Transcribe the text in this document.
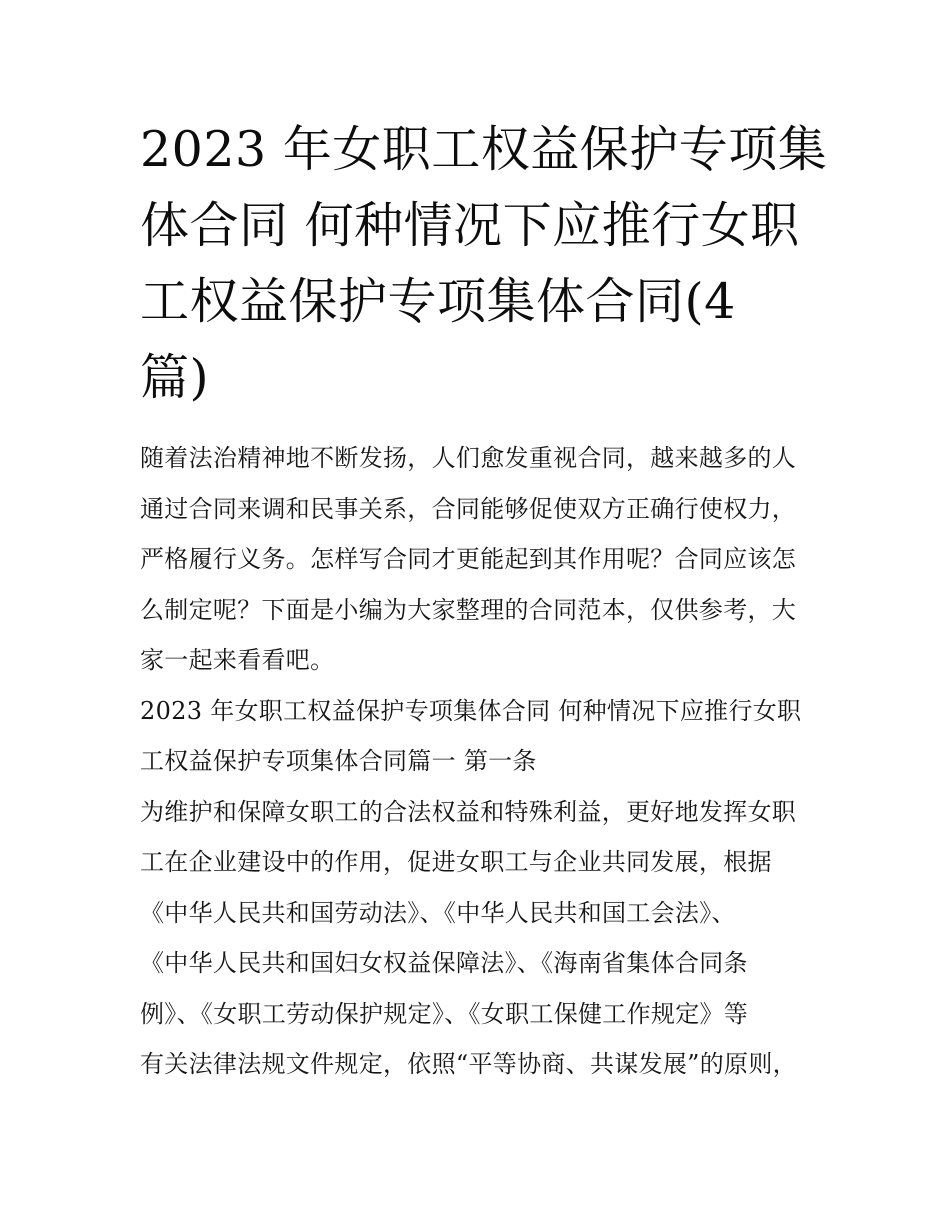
2023 年女职工权益保护专项集
体合同 何种情况下应推行女职
工权益保护专项集体合同(4
篇)

随着法治精神地不断发扬，人们愈发重视合同，越来越多的人
通过合同来调和民事关系，合同能够促使双方正确行使权力，
严格履行义务。怎样写合同才更能起到其作用呢？合同应该怎
么制定呢？下面是小编为大家整理的合同范本，仅供参考，大
家一起来看看吧。

2023 年女职工权益保护专项集体合同 何种情况下应推行女职
工权益保护专项集体合同篇一 第一条

为维护和保障女职工的合法权益和特殊利益，更好地发挥女职
工在企业建设中的作用，促进女职工与企业共同发展，根据
《中华人民共和国劳动法》、《中华人民共和国工会法》、
《中华人民共和国妇女权益保障法》、《海南省集体合同条
例》、《女职工劳动保护规定》、《女职工保健工作规定》等
有关法律法规文件规定，依照“平等协商、共谋发展”的原则，
